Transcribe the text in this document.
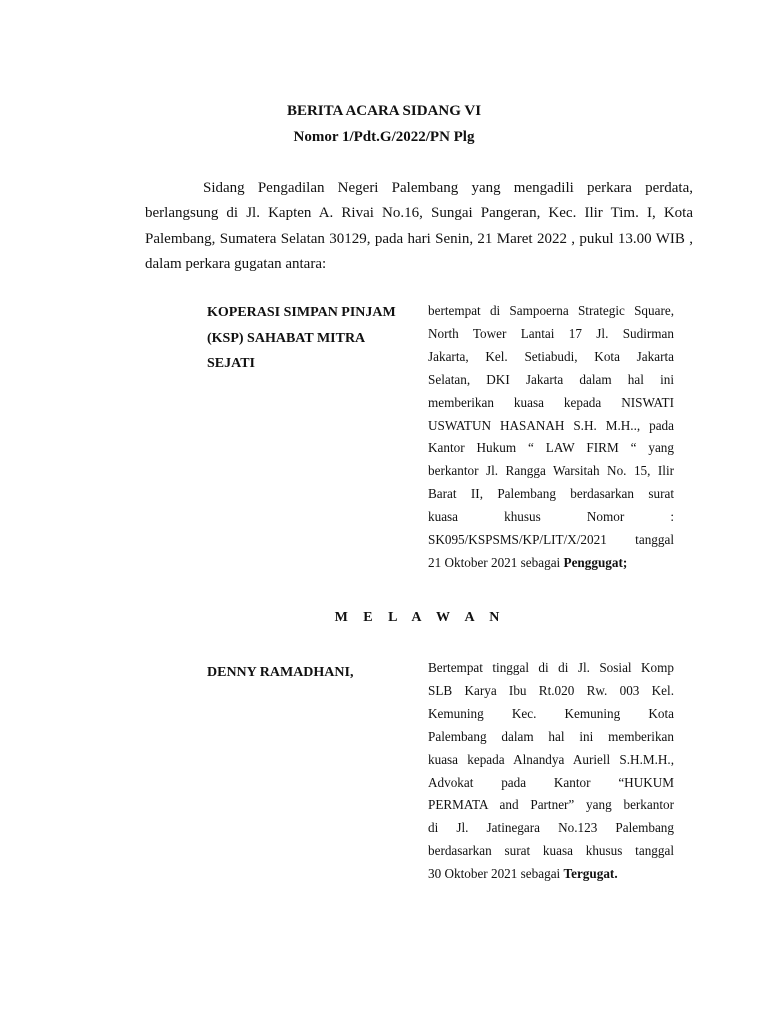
BERITA ACARA SIDANG VI

Nomor 1/Pdt.G/2022/PN Plg

Sidang Pengadilan Negeri Palembang yang mengadili perkara perdata, berlangsung di Jl. Kapten A. Rivai No.16, Sungai Pangeran, Kec. Ilir Tim. I, Kota Palembang, Sumatera Selatan 30129, pada hari Senin, 21 Maret 2022 , pukul 13.00 WIB , dalam perkara gugatan antara:

KOPERASI SIMPAN PINJAM (KSP) SAHABAT MITRA SEJATI

bertempat di Sampoerna Strategic Square,
North Tower Lantai 17 Jl. Sudirman
Jakarta, Kel. Setiabudi, Kota Jakarta
Selatan, DKI Jakarta dalam hal ini
memberikan kuasa kepada NISWATI
USWATUN HASANAH S.H. M.H.., pada
Kantor Hukum “ LAW FIRM “ yang
berkantor Jl. Rangga Warsitah No. 15, Ilir
Barat II, Palembang berdasarkan surat
kuasa khusus Nomor :
SK095/KSPSMS/KP/LIT/X/2021 tanggal
21 Oktober 2021 sebagai Penggugat;

M E L A W A N

DENNY RAMADHANI,	Bertempat tinggal di di Jl. Sosial Komp
SLB Karya Ibu Rt.020 Rw. 003 Kel.
Kemuning Kec. Kemuning Kota
Palembang dalam hal ini memberikan
kuasa kepada Alnandya Auriell S.H.M.H.,
Advokat pada Kantor “HUKUM
PERMATA and Partner” yang berkantor
di Jl. Jatinegara No.123 Palembang
berdasarkan surat kuasa khusus tanggal
30 Oktober 2021 sebagai Tergugat.
